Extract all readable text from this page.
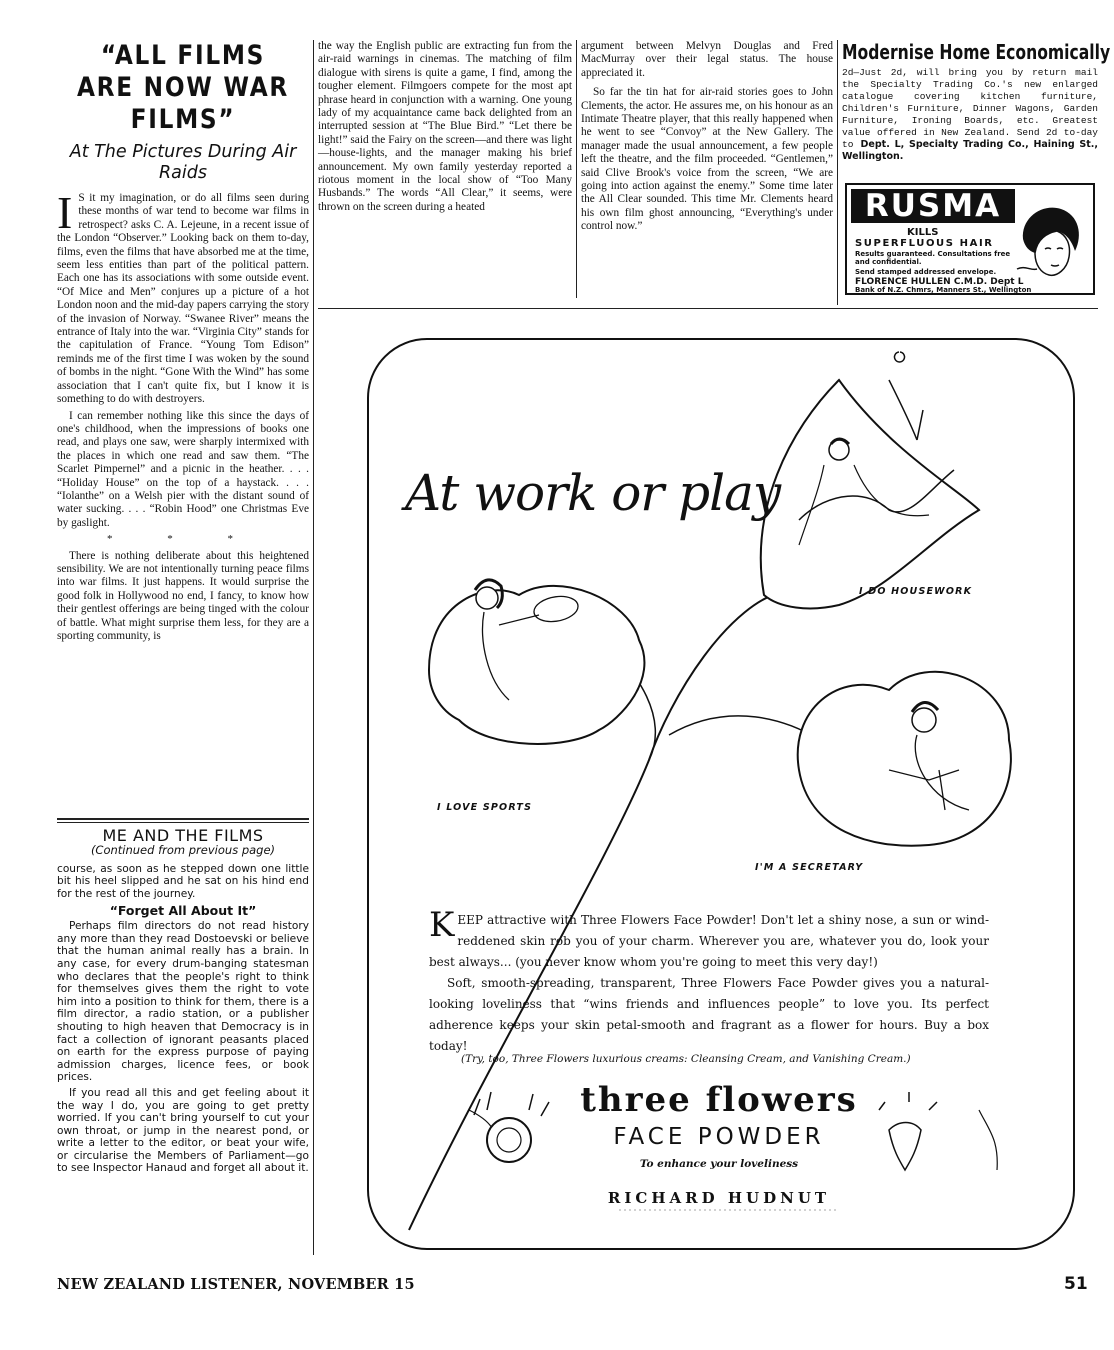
“ALL FILMS ARE NOW WAR FILMS”
At The Pictures During Air Raids

I S it my imagination, or do all films seen during these months of war tend to become war films in retrospect? asks C. A. Lejeune, in a recent issue of the London “Observer.” Looking back on them to-day, films, even the films that have absorbed me at the time, seem less entities than part of the political pattern. Each one has its associations with some outside event. “Of Mice and Men” conjures up a picture of a hot London noon and the mid-day papers carrying the story of the invasion of Norway. “Swanee River” means the entrance of Italy into the war. “Virginia City” stands for the capitulation of France. “Young Tom Edison” reminds me of the first time I was woken by the sound of bombs in the night. “Gone With the Wind” has some association that I can't quite fix, but I know it is something to do with destroyers.

I can remember nothing like this since the days of one's childhood, when the impressions of books one read, and plays one saw, were sharply intermixed with the places in which one read and saw them. “The Scarlet Pimpernel” and a picnic in the heather. . . . “Holiday House” on the top of a haystack. . . . “Iolanthe” on a Welsh pier with the distant sound of water sucking. . . . “Robin Hood” one Christmas Eve by gaslight.

* * *

There is nothing deliberate about this heightened sensibility. We are not intentionally turning peace films into war films. It just happens. It would surprise the good folk in Hollywood no end, I fancy, to know how their gentlest offerings are being tinged with the colour of battle. What might surprise them less, for they are a sporting community, is

ME AND THE FILMS
(Continued from previous page)

course, as soon as he stepped down one little bit his heel slipped and he sat on his hind end for the rest of the journey.

“Forget All About It”

Perhaps film directors do not read history any more than they read Dostoevski or believe that the human animal really has a brain. In any case, for every drum-banging statesman who declares that the people's right to think for themselves gives them the right to vote him into a position to think for them, there is a film director, a radio station, or a publisher shouting to high heaven that Democracy is in fact a collection of ignorant peasants placed on earth for the express purpose of paying admission charges, licence fees, or book prices.

If you read all this and get feeling about it the way I do, you are going to get pretty worried. If you can't bring yourself to cut your own throat, or jump in the nearest pond, or write a letter to the editor, or beat your wife, or circularise the Members of Parliament—go to see Inspector Hanaud and forget all about it.

the way the English public are extracting fun from the air-raid warnings in cinemas. The matching of film dialogue with sirens is quite a game, I find, among the tougher element. Filmgoers compete for the most apt phrase heard in conjunction with a warning. One young lady of my acquaintance came back delighted from an interrupted session at “The Blue Bird.” “Let there be light!” said the Fairy on the screen—and there was light—house-lights, and the manager making his brief announcement. My own family yesterday reported a riotous moment in the local show of “Too Many Husbands.” The words “All Clear,” it seems, were thrown on the screen during a heated

argument between Melvyn Douglas and Fred MacMurray over their legal status. The house appreciated it.

So far the tin hat for air-raid stories goes to John Clements, the actor. He assures me, on his honour as an Intimate Theatre player, that this really happened when he went to see “Convoy” at the New Gallery. The manager made the usual announcement, a few people left the theatre, and the film proceeded. “Gentlemen,” said Clive Brook's voice from the screen, “We are going into action against the enemy.” Some time later the All Clear sounded. This time Mr. Clements heard his own film ghost announcing, “Everything's under control now.”

Modernise Home Economically
2d—Just 2d, will bring you by return mail the Specialty Trading Co.'s new enlarged catalogue covering kitchen furniture, Children's Furniture, Dinner Wagons, Garden Furniture, Ironing Boards, etc. Greatest value offered in New Zealand. Send 2d to-day to Dept. L, Specialty Trading Co., Haining St., Wellington.
RUSMA
KILLS
SUPERFLUOUS HAIR
Results guaranteed. Consultations free and confidential.
Send stamped addressed envelope.
FLORENCE HULLEN C.M.D. Dept L
Bank of N.Z. Chmrs, Manners St., Wellington
At work or play
I DO HOUSEWORK
I LOVE SPORTS
I'M A SECRETARY

KEEP attractive with Three Flowers Face Powder! Don't let a shiny nose, a sun or wind-reddened skin rob you of your charm. Wherever you are, whatever you do, look your best always... (you never know whom you're going to meet this very day!)

Soft, smooth-spreading, transparent, Three Flowers Face Powder gives you a natural-looking loveliness that “wins friends and influences people” to love you. Its perfect adherence keeps your skin petal-smooth and fragrant as a flower for hours. Buy a box today!

(Try, too, Three Flowers luxurious creams: Cleansing Cream, and Vanishing Cream.)
three flowers
FACE POWDER
To enhance your loveliness
RICHARD HUDNUT
NEW ZEALAND LISTENER, NOVEMBER 15	51
